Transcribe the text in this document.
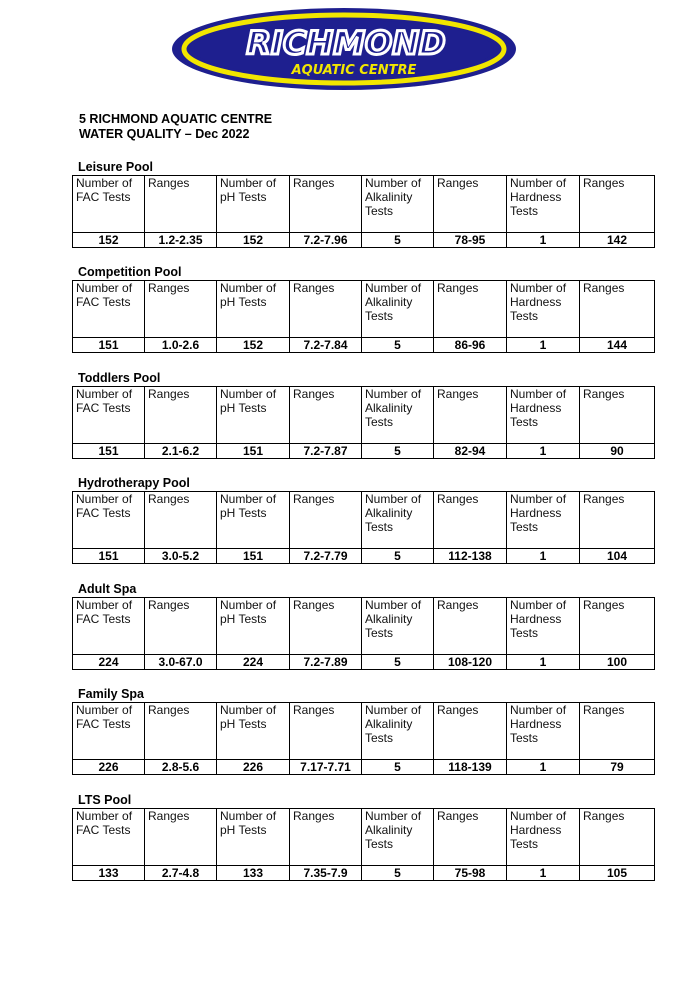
RICHMOND
AQUATIC CENTRE
5 RICHMOND AQUATIC CENTRE
WATER QUALITY – Dec 2022
Leisure Pool
Number of FAC Tests	Ranges	Number of pH Tests	Ranges	Number of Alkalinity Tests	Ranges	Number of Hardness Tests	Ranges
152	1.2-2.35	152	7.2-7.96	5	78-95	1	142
Competition Pool
Number of FAC Tests	Ranges	Number of pH Tests	Ranges	Number of Alkalinity Tests	Ranges	Number of Hardness Tests	Ranges
151	1.0-2.6	152	7.2-7.84	5	86-96	1	144
Toddlers Pool
Number of FAC Tests	Ranges	Number of pH Tests	Ranges	Number of Alkalinity Tests	Ranges	Number of Hardness Tests	Ranges
151	2.1-6.2	151	7.2-7.87	5	82-94	1	90
Hydrotherapy Pool
Number of FAC Tests	Ranges	Number of pH Tests	Ranges	Number of Alkalinity Tests	Ranges	Number of Hardness Tests	Ranges
151	3.0-5.2	151	7.2-7.79	5	112-138	1	104
Adult Spa
Number of FAC Tests	Ranges	Number of pH Tests	Ranges	Number of Alkalinity Tests	Ranges	Number of Hardness Tests	Ranges
224	3.0-67.0	224	7.2-7.89	5	108-120	1	100
Family Spa
Number of FAC Tests	Ranges	Number of pH Tests	Ranges	Number of Alkalinity Tests	Ranges	Number of Hardness Tests	Ranges
226	2.8-5.6	226	7.17-7.71	5	118-139	1	79
LTS Pool
Number of FAC Tests	Ranges	Number of pH Tests	Ranges	Number of Alkalinity Tests	Ranges	Number of Hardness Tests	Ranges
133	2.7-4.8	133	7.35-7.9	5	75-98	1	105
